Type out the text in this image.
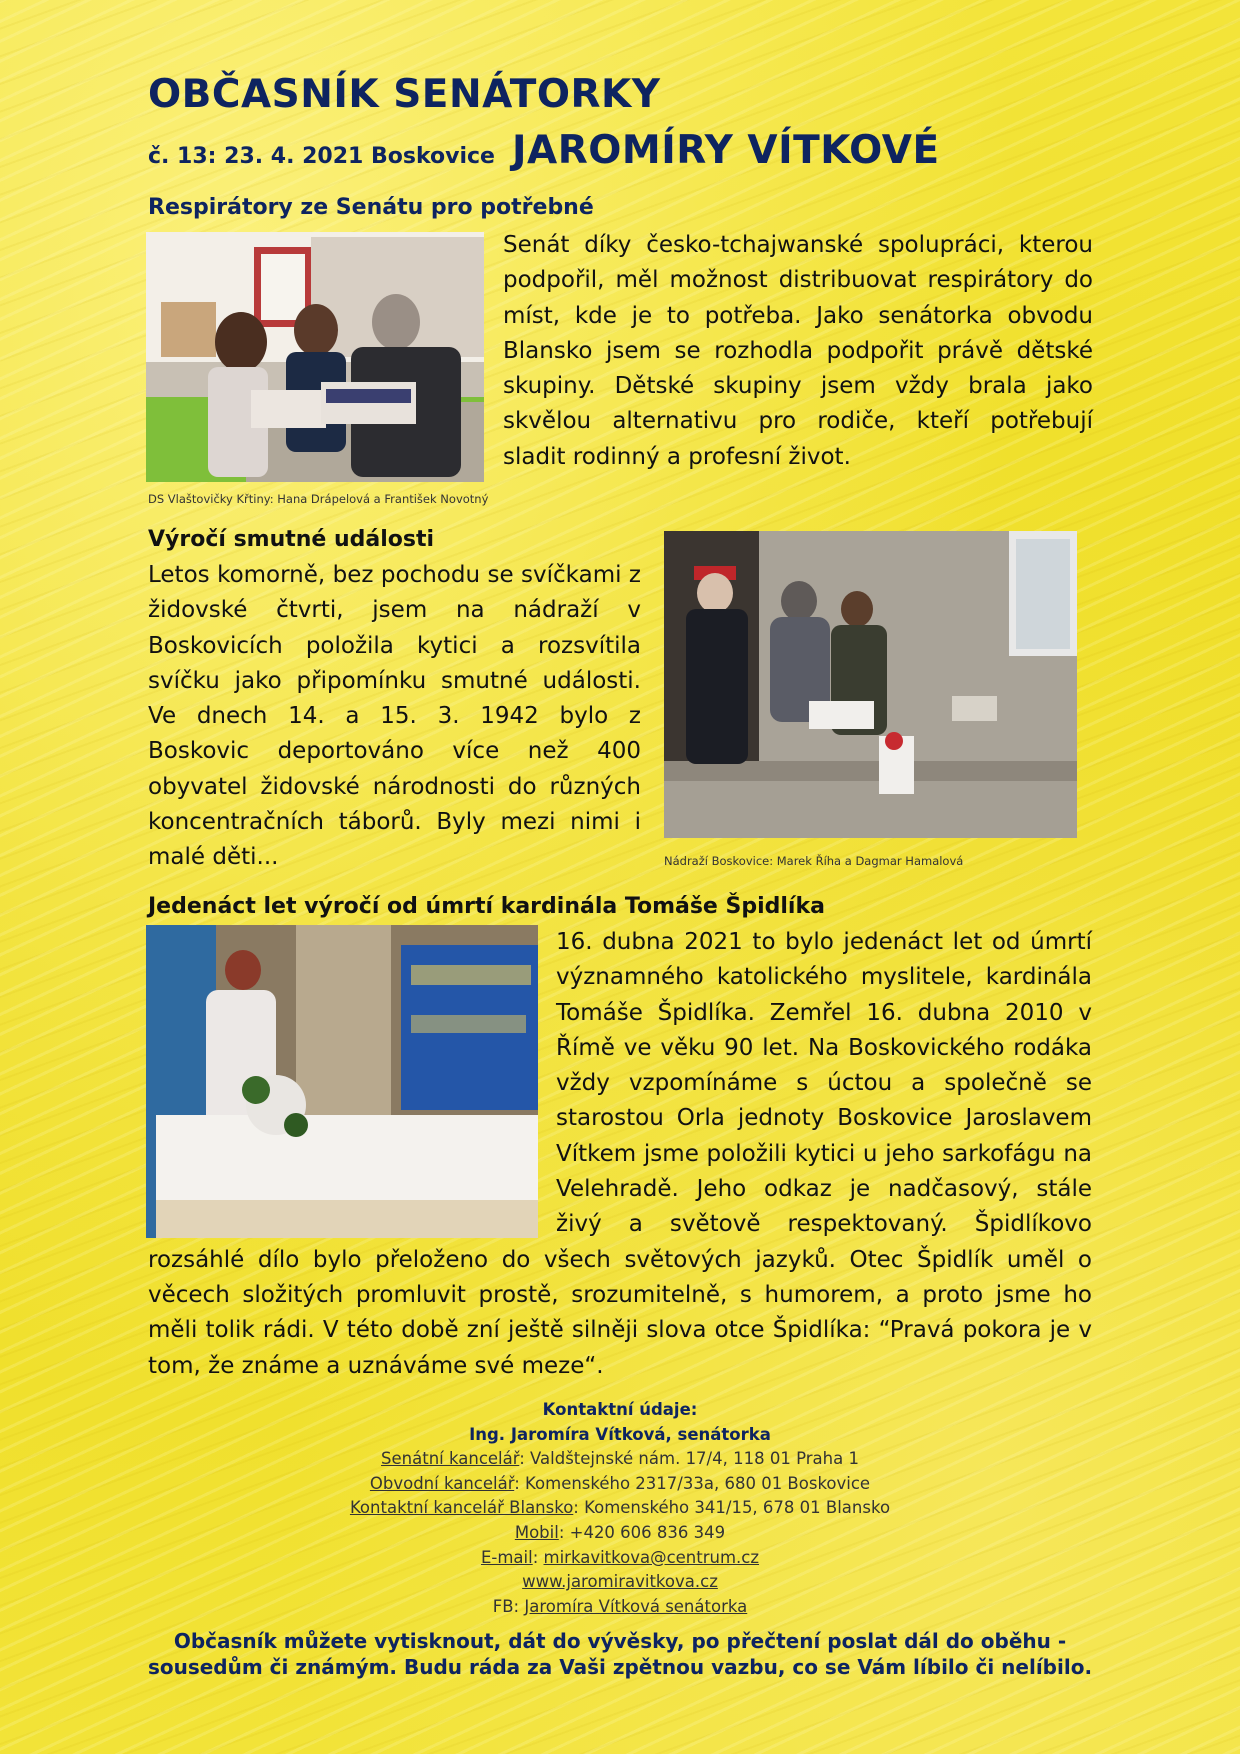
OBČASNÍK SENÁTORKY
č. 13: 23. 4. 2021 Boskovice JAROMÍRY VÍTKOVÉ
Respirátory ze Senátu pro potřebné
DS Vlaštovičky Křtiny: Hana Drápelová a František Novotný
Senát díky česko-tchajwanské spolupráci, kterou podpořil, měl možnost distribuovat respirátory do míst, kde je to potřeba. Jako senátorka obvodu Blansko jsem se rozhodla podpořit právě dětské skupiny. Dětské skupiny jsem vždy brala jako skvělou alternativu pro rodiče, kteří potřebují sladit rodinný a profesní život.
Výročí smutné události
Letos komorně, bez pochodu se svíčkami z židovské čtvrti, jsem na nádraží v Boskovicích položila kytici a rozsvítila svíčku jako připomínku smutné události. Ve dnech 14. a 15. 3. 1942 bylo z Boskovic deportováno více než 400 obyvatel židovské národnosti do různých koncentračních táborů. Byly mezi nimi i malé děti...	Nádraží Boskovice: Marek Říha a Dagmar Hamalová
Jedenáct let výročí od úmrtí kardinála Tomáše Špidlíka
16. dubna 2021 to bylo jedenáct let od úmrtí významného katolického myslitele, kardinála Tomáše Špidlíka. Zemřel 16. dubna 2010 v Římě ve věku 90 let. Na Boskovického rodáka vždy vzpomínáme s úctou a společně se starostou Orla jednoty Boskovice Jaroslavem Vítkem jsme položili kytici u jeho sarkofágu na Velehradě. Jeho odkaz je nadčasový, stále živý a světově respektovaný. Špidlíkovo rozsáhlé dílo bylo přeloženo do všech světových jazyků. Otec Špidlík uměl o věcech složitých promluvit prostě, srozumitelně, s humorem, a proto jsme ho měli tolik rádi. V této době zní ještě silněji slova otce Špidlíka: “Pravá pokora je v tom, že známe a uznáváme své meze“.
Kontaktní údaje:
Ing. Jaromíra Vítková, senátorka
Senátní kancelář: Valdštejnské nám. 17/4, 118 01 Praha 1
Obvodní kancelář: Komenského 2317/33a, 680 01 Boskovice
Kontaktní kancelář Blansko: Komenského 341/15, 678 01 Blansko
Mobil: +420 606 836 349
E-mail: mirkavitkova@centrum.cz
www.jaromiravitkova.cz
FB: Jaromíra Vítková senátorka
Občasník můžete vytisknout, dát do vývěsky, po přečtení poslat dál do oběhu -
sousedům či známým. Budu ráda za Vaši zpětnou vazbu, co se Vám líbilo či nelíbilo.
